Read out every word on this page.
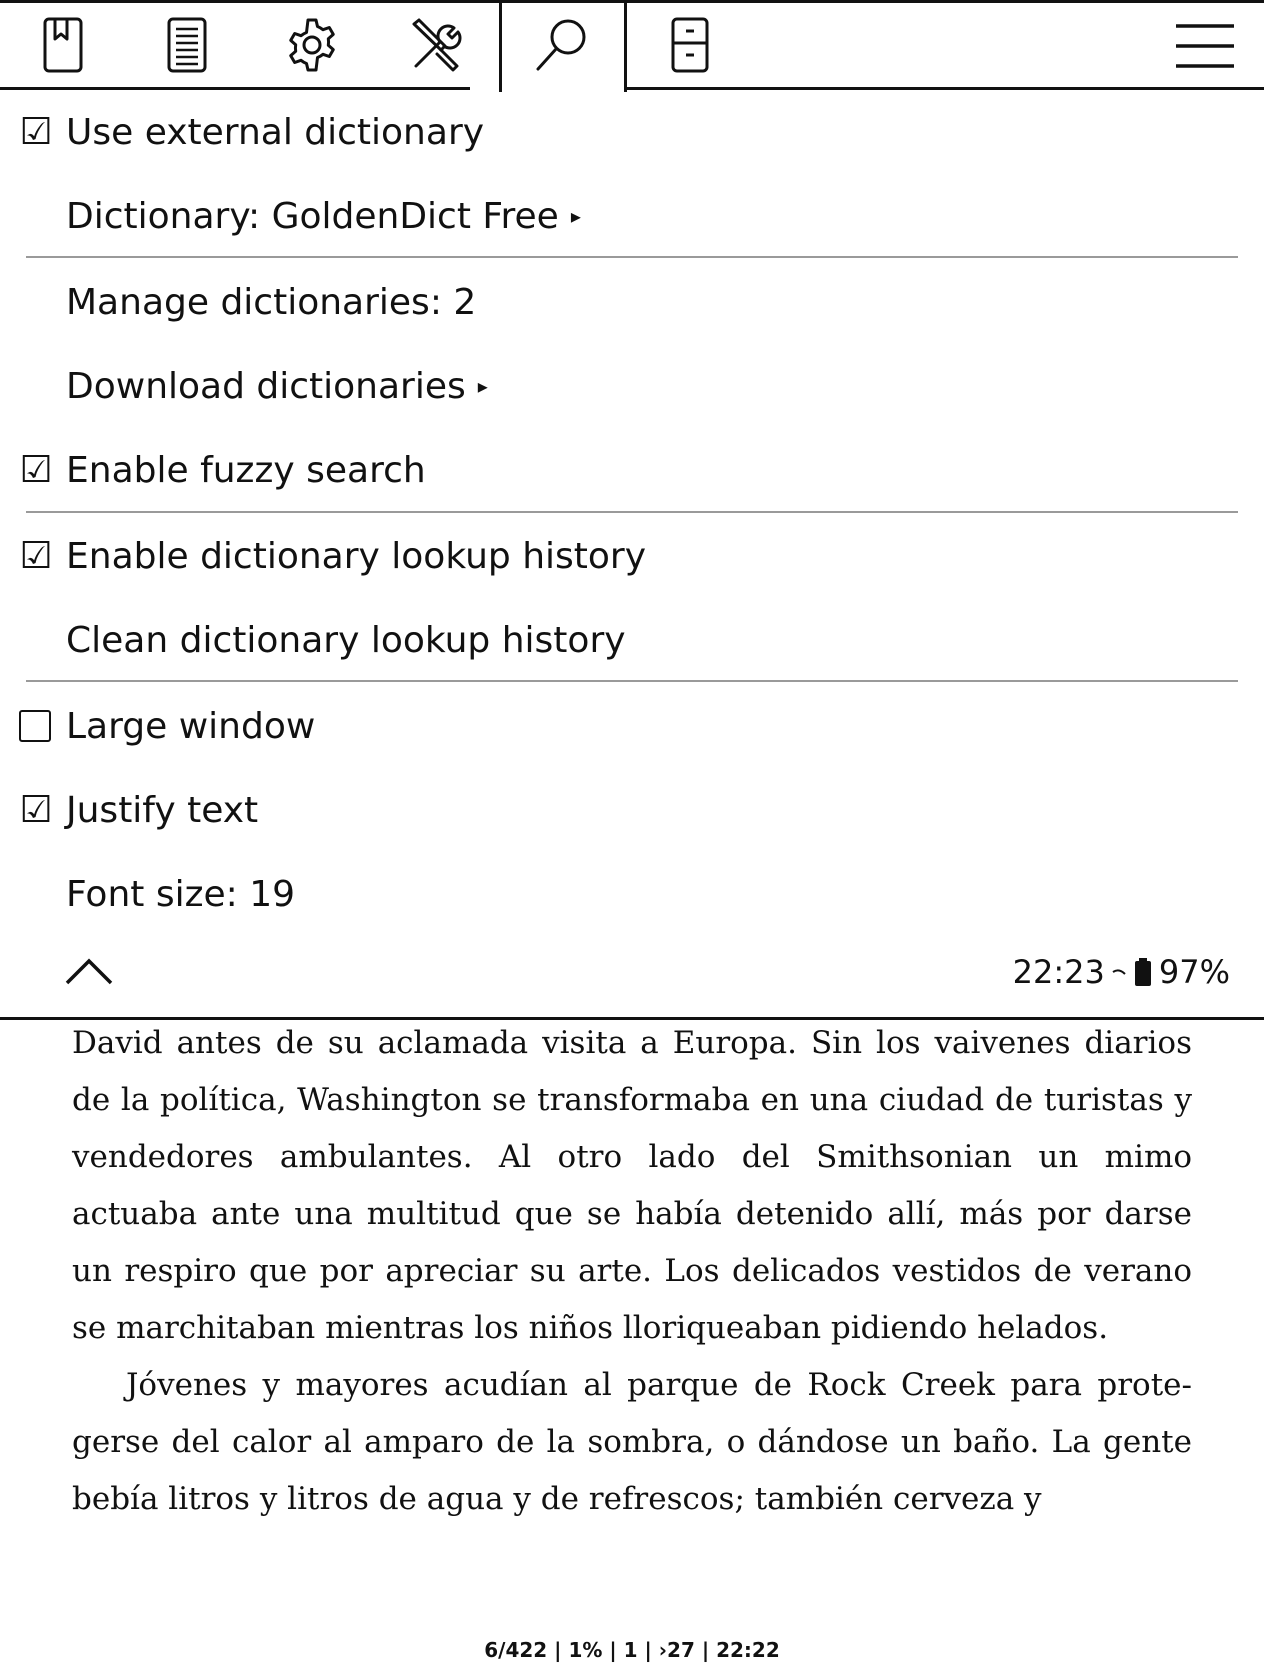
☑ Use external dictionary
Dictionary: GoldenDict Free ▸
Manage dictionaries: 2
Download dictionaries ▸
☑ Enable fuzzy search
☑ Enable dictionary lookup history
Clean dictionary lookup history
Large window
☑ Justify text
Font size: 19
22:23 97%

David antes de su aclamada visita a Europa. Sin los vaivenes diarios de la política, Washington se transformaba en una ciudad de turistas y vendedores ambulantes. Al otro lado del Smithsonian un mimo actuaba ante una multitud que se había detenido allí, más por darse un respiro que por apreciar su arte. Los delicados vestidos de verano se marchitaban mientras los niños lloriqueaban pidiendo helados.

Jóvenes y mayores acudían al parque de Rock Creek para protegerse del calor al amparo de la sombra, o dándose un baño. La gente bebía litros y litros de agua y de refrescos; también cerveza y

6/422 | 1% | 1 | ›27 | 22:22
